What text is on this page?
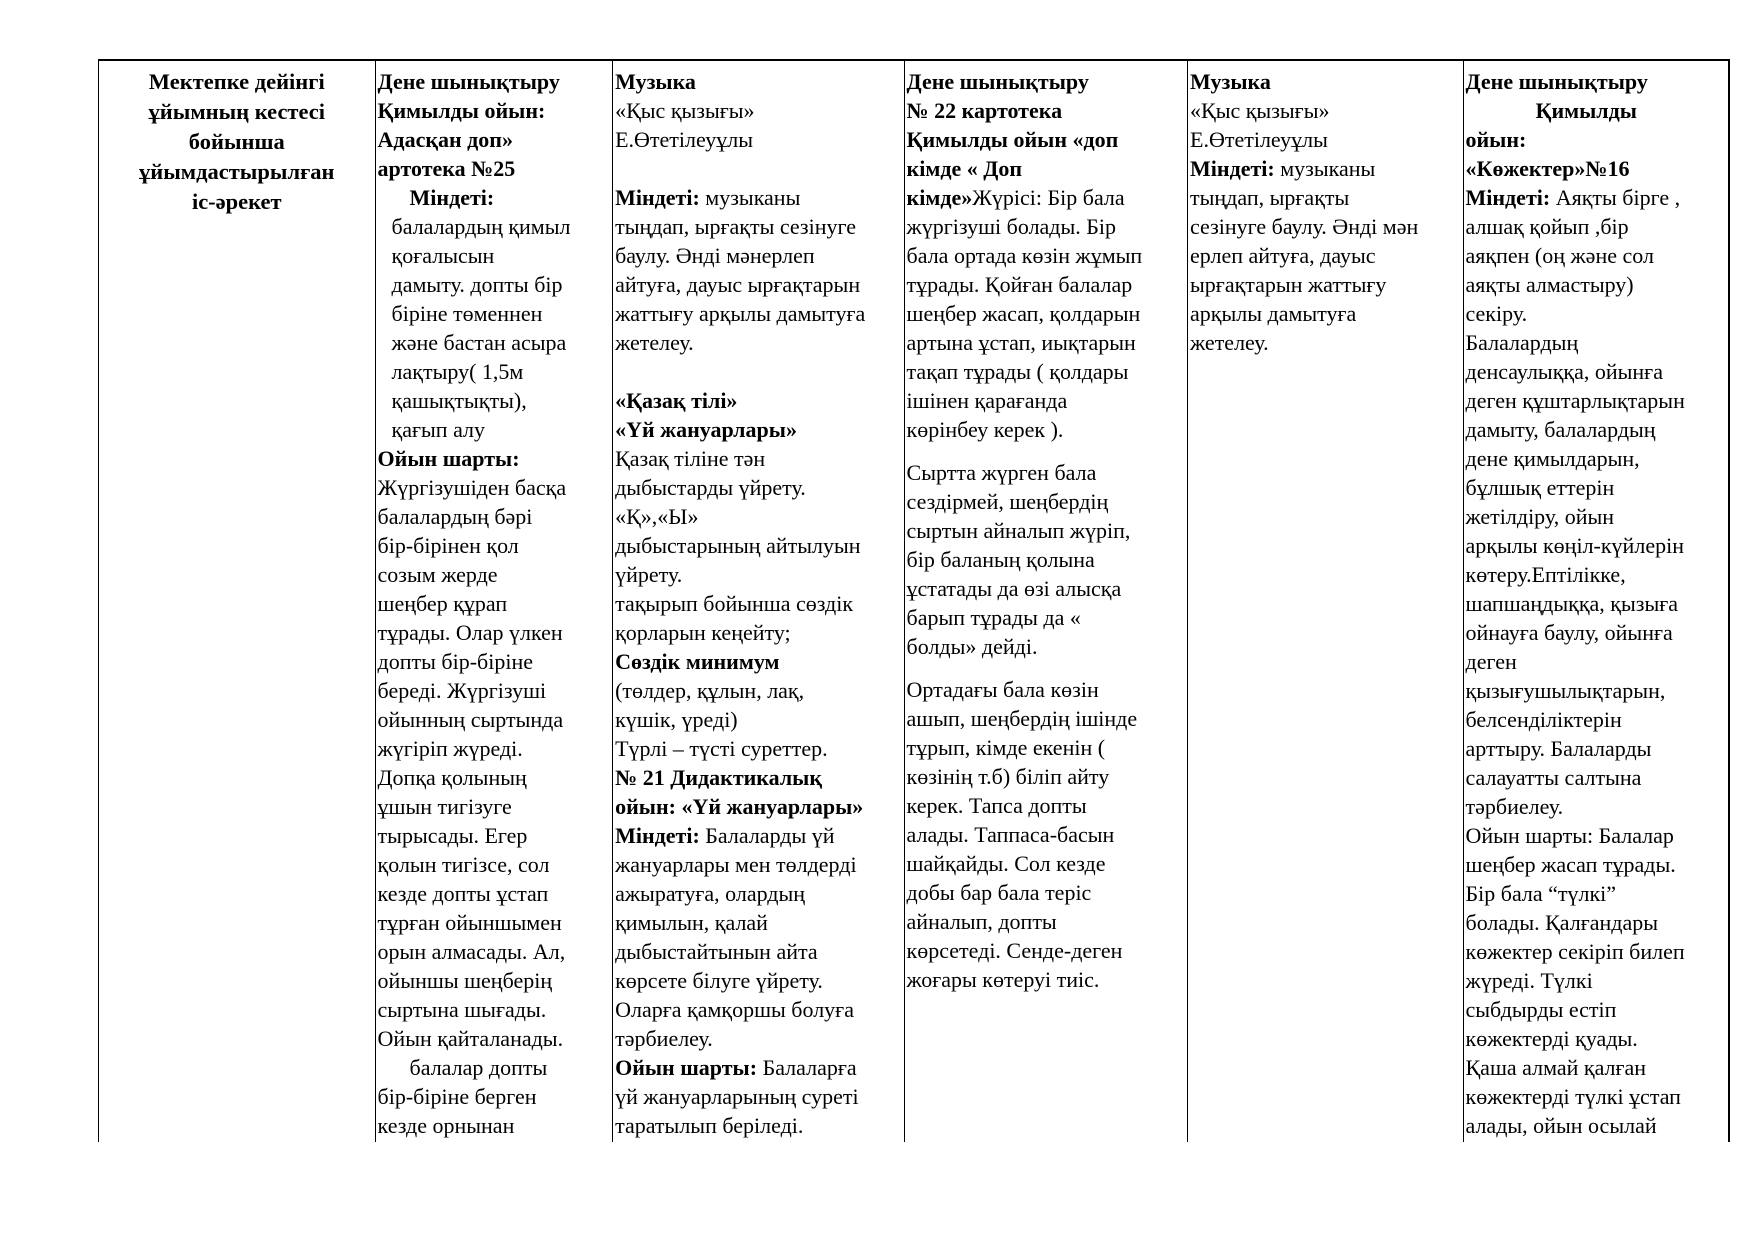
Мектепке дейінгі
ұйымның кестесі
бойынша
ұйымдастырылған
іс-әрекет
Дене шынықтыру
Қимылды ойын:
Адасқан доп»
артотека №25
Міндеті:
балалардың қимыл
қоғалысын
дамыту. допты бір
біріне төменнен
және бастан асыра
лақтыру( 1,5м
қашықтықты),
қағып алу
Ойын шарты:
Жүргізушіден басқа
балалардың бәрі
бір-бірінен қол
созым жерде
шеңбер құрап
тұрады. Олар үлкен
допты бір-біріне
береді. Жүргізуші
ойынның сыртында
жүгіріп жүреді.
Допқа қолының
ұшын тигізуге
тырысады. Егер
қолын тигізсе, сол
кезде допты ұстап
тұрған ойыншымен
орын алмасады. Ал,
ойыншы шеңберің
сыртына шығады.
Ойын қайталанады.
балалар допты
бір-біріне берген
кезде орнынан
Музыка
«Қыс қызығы»
Е.Өтетілеуұлы
Міндеті: музыканы
тыңдап, ырғақты сезінуге
баулу. Әнді мәнерлеп
айтуға, дауыс ырғақтарын
жаттығу арқылы дамытуға
жетелеу.
«Қазақ тілі»
«Үй жануарлары»
Қазақ тіліне тән
дыбыстарды үйрету.
«Қ»,«Ы»
дыбыстарының айтылуын
үйрету.
тақырып бойынша сөздік
қорларын кеңейту;
Сөздік минимум
(төлдер, құлын, лақ,
күшік, үреді)
Түрлі – түсті суреттер.
№ 21 Дидактикалық
ойын: «Үй жануарлары»
Міндеті: Балаларды үй
жануарлары мен төлдерді
ажыратуға, олардың
қимылын, қалай
дыбыстайтынын айта
көрсете білуге үйрету.
Оларға қамқоршы болуға
тәрбиелеу.
Ойын шарты: Балаларға
үй жануарларының суреті
таратылып беріледі.
Дене шынықтыру
№ 22 картотека
Қимылды ойын «доп
кімде « Доп
кімде»Жүрісі: Бір бала
жүргізуші болады. Бір
бала ортада көзін жұмып
тұрады. Қойған балалар
шеңбер жасап, қолдарын
артына ұстап, иықтарын
тақап тұрады ( қолдары
ішінен қарағанда
көрінбеу керек ).
Сыртта жүрген бала
сездірмей, шеңбердің
сыртын айналып жүріп,
бір баланың қолына
ұстатады да өзі алысқа
барып тұрады да «
болды» дейді.
Ортадағы бала көзін
ашып, шеңбердің ішінде
тұрып, кімде екенін (
көзінің т.б) біліп айту
керек. Тапса допты
алады. Таппаса-басын
шайқайды. Сол кезде
добы бар бала теріс
айналып, допты
көрсетеді. Сенде-деген
жоғары көтеруі тиіс.
Музыка
«Қыс қызығы»
Е.Өтетілеуұлы
Міндеті: музыканы
тыңдап, ырғақты
сезінуге баулу. Әнді мән
ерлеп айтуға, дауыс
ырғақтарын жаттығу
арқылы дамытуға
жетелеу.
Дене шынықтыру
Қимылды
ойын:
«Көжектер»№16
Міндеті: Аяқты бірге ,
алшақ қойып ,бір
аяқпен (оң және сол
аяқты алмастыру)
секіру.
Балалардың
денсаулыққа, ойынға
деген құштарлықтарын
дамыту, балалардың
дене қимылдарын,
бұлшық еттерін
жетілдіру, ойын
арқылы көңіл-күйлерін
көтеру.Ептілікке,
шапшаңдыққа, қызыға
ойнауға баулу, ойынға
деген
қызығушылықтарын,
белсенділіктерін
арттыру. Балаларды
салауатты салтына
тәрбиелеу.
Ойын шарты: Балалар
шеңбер жасап тұрады.
Бір бала “түлкі”
болады. Қалғандары
көжектер секіріп билеп
жүреді. Түлкі
сыбдырды естіп
көжектерді қуады.
Қаша алмай қалған
көжектерді түлкі ұстап
алады, ойын осылай
